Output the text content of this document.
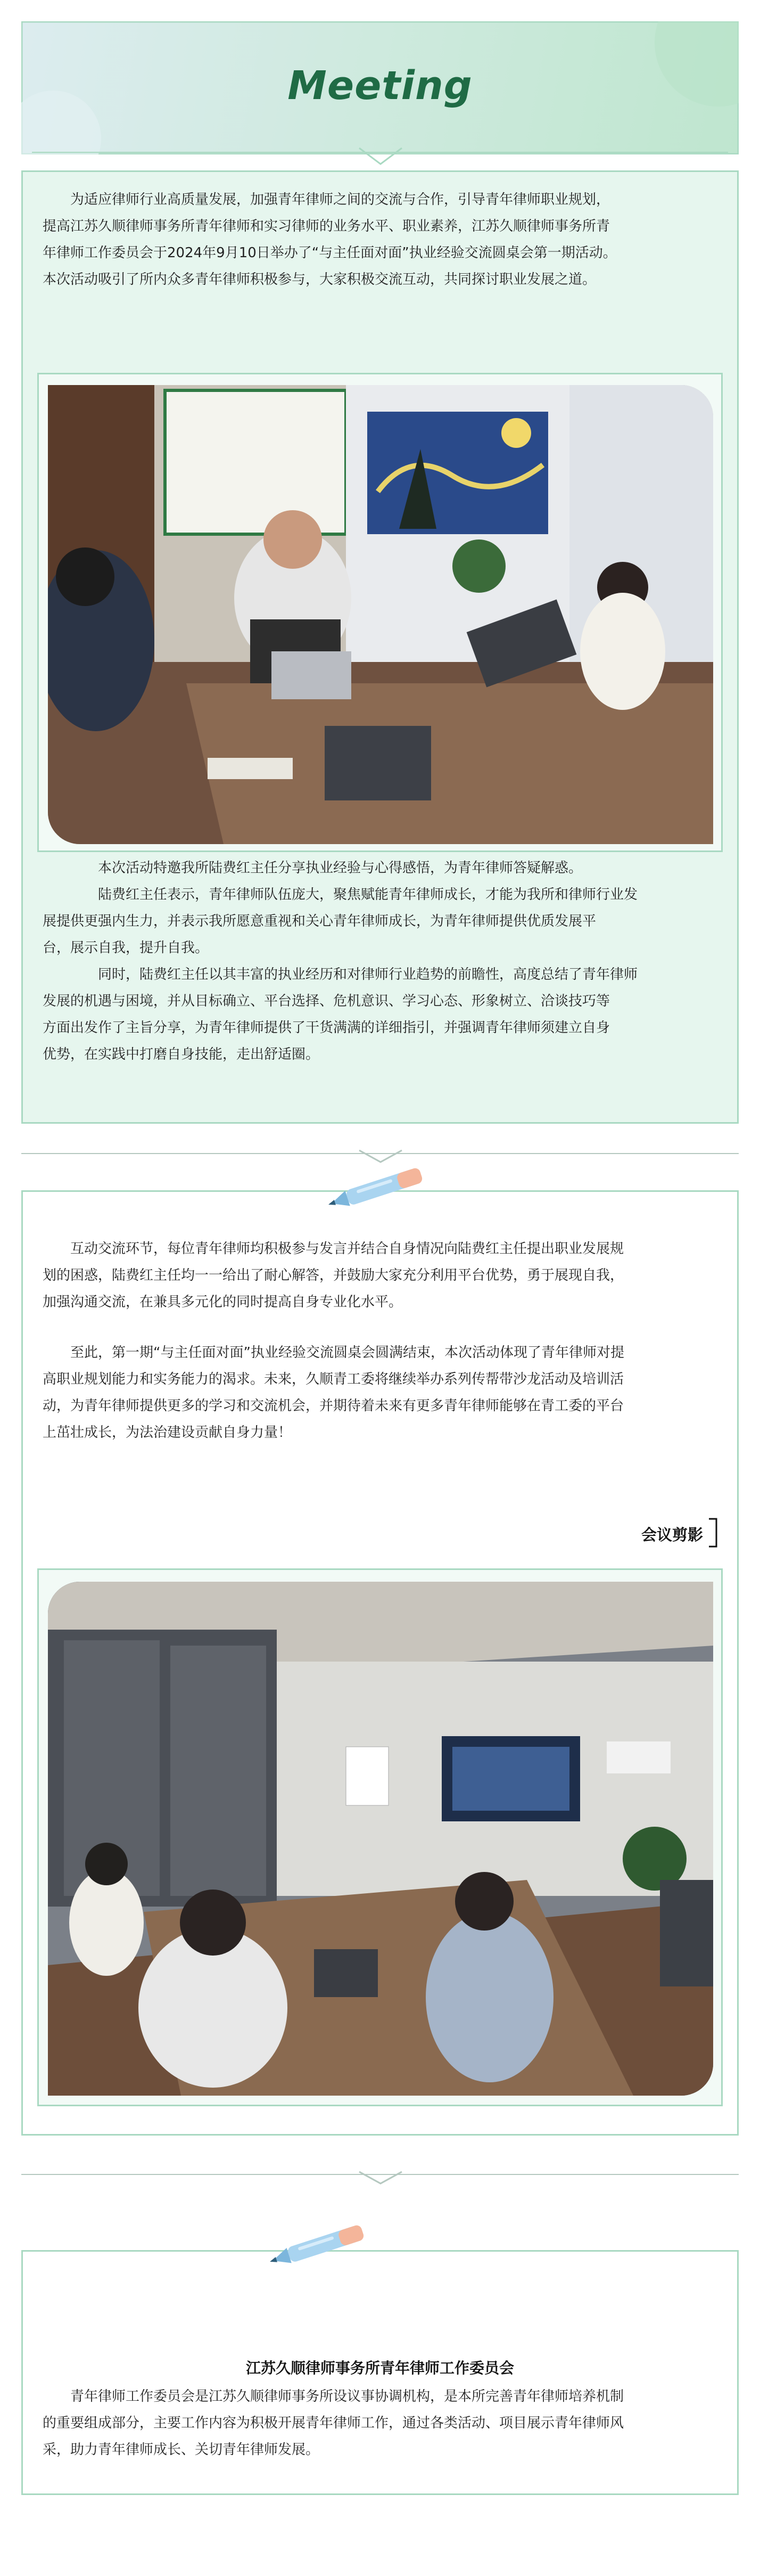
Meeting

为适应律师行业高质量发展，加强青年律师之间的交流与合作，引导青年律师职业规划，

提高江苏久顺律师事务所青年律师和实习律师的业务水平、职业素养，江苏久顺律师事务所青

年律师工作委员会于2024年9月10日举办了“与主任面对面”执业经验交流圆桌会第一期活动。

本次活动吸引了所内众多青年律师积极参与，大家积极交流互动，共同探讨职业发展之道。

本次活动特邀我所陆费红主任分享执业经验与心得感悟，为青年律师答疑解惑。

陆费红主任表示，青年律师队伍庞大，聚焦赋能青年律师成长，才能为我所和律师行业发

展提供更强内生力，并表示我所愿意重视和关心青年律师成长，为青年律师提供优质发展平

台，展示自我，提升自我。

同时，陆费红主任以其丰富的执业经历和对律师行业趋势的前瞻性，高度总结了青年律师

发展的机遇与困境，并从目标确立、平台选择、危机意识、学习心态、形象树立、洽谈技巧等

方面出发作了主旨分享，为青年律师提供了干货满满的详细指引，并强调青年律师须建立自身

优势，在实践中打磨自身技能，走出舒适圈。

互动交流环节，每位青年律师均积极参与发言并结合自身情况向陆费红主任提出职业发展规

划的困惑，陆费红主任均一一给出了耐心解答，并鼓励大家充分利用平台优势，勇于展现自我，

加强沟通交流，在兼具多元化的同时提高自身专业化水平。

至此，第一期“与主任面对面”执业经验交流圆桌会圆满结束，本次活动体现了青年律师对提

高职业规划能力和实务能力的渴求。未来，久顺青工委将继续举办系列传帮带沙龙活动及培训活

动，为青年律师提供更多的学习和交流机会，并期待着未来有更多青年律师能够在青工委的平台

上茁壮成长，为法治建设贡献自身力量！

会议剪影
江苏久顺律师事务所青年律师工作委员会

青年律师工作委员会是江苏久顺律师事务所设议事协调机构，是本所完善青年律师培养机制

的重要组成部分，主要工作内容为积极开展青年律师工作，通过各类活动、项目展示青年律师风

采，助力青年律师成长、关切青年律师发展。
